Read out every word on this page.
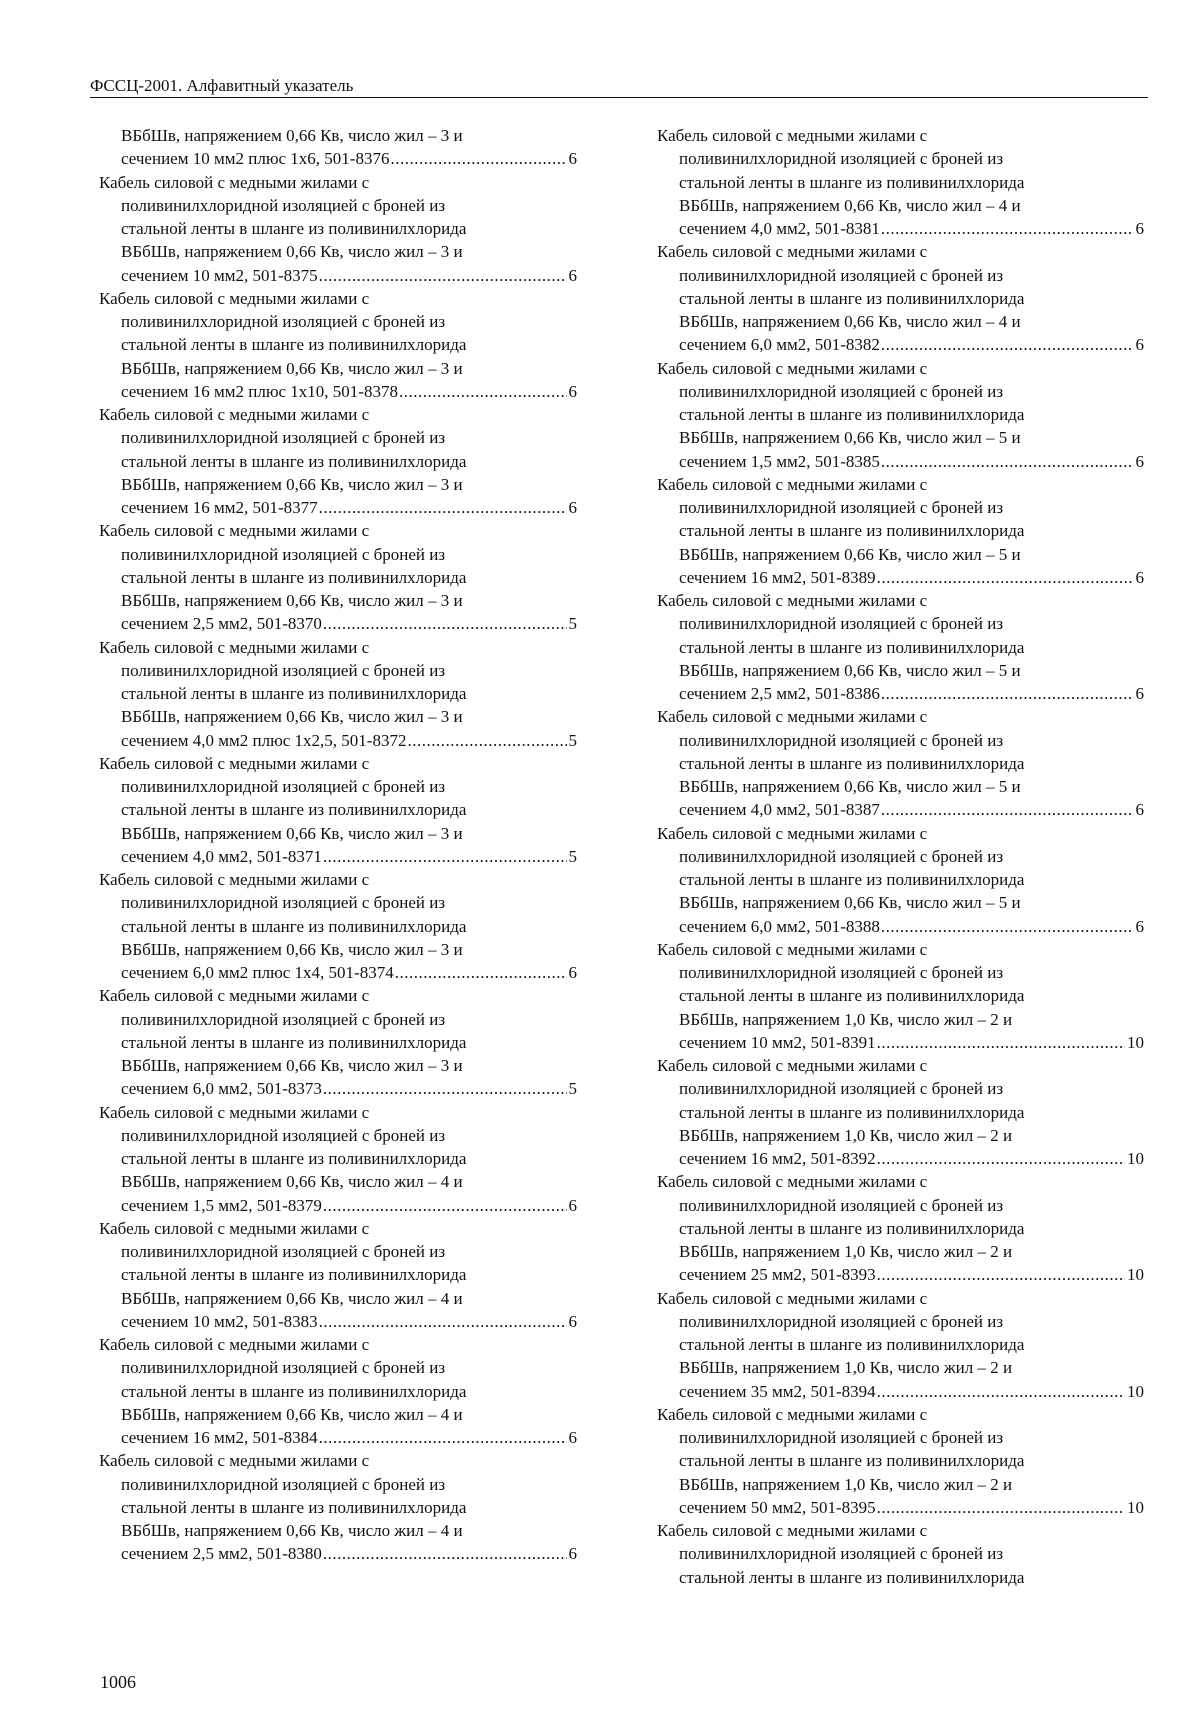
ФССЦ-2001. Алфавитный указатель
ВБбШв, напряжением 0,66 Кв, число жил – 3 и
сечением 10 мм2 плюс 1х6, 501-8376 .....	6
Кабель силовой с медными жилами с
поливинилхлоридной изоляцией с броней из
стальной ленты в шланге из поливинилхлорида
ВБбШв, напряжением 0,66 Кв, число жил – 3 и
сечением 10 мм2, 501-8375 .....	6
Кабель силовой с медными жилами с
поливинилхлоридной изоляцией с броней из
стальной ленты в шланге из поливинилхлорида
ВБбШв, напряжением 0,66 Кв, число жил – 3 и
сечением 16 мм2 плюс 1х10, 501-8378 .....	6
Кабель силовой с медными жилами с
поливинилхлоридной изоляцией с броней из
стальной ленты в шланге из поливинилхлорида
ВБбШв, напряжением 0,66 Кв, число жил – 3 и
сечением 16 мм2, 501-8377 .....	6
Кабель силовой с медными жилами с
поливинилхлоридной изоляцией с броней из
стальной ленты в шланге из поливинилхлорида
ВБбШв, напряжением 0,66 Кв, число жил – 3 и
сечением 2,5 мм2, 501-8370 .....	5
Кабель силовой с медными жилами с
поливинилхлоридной изоляцией с броней из
стальной ленты в шланге из поливинилхлорида
ВБбШв, напряжением 0,66 Кв, число жил – 3 и
сечением 4,0 мм2 плюс 1х2,5, 501-8372 .....	5
Кабель силовой с медными жилами с
поливинилхлоридной изоляцией с броней из
стальной ленты в шланге из поливинилхлорида
ВБбШв, напряжением 0,66 Кв, число жил – 3 и
сечением 4,0 мм2, 501-8371 .....	5
Кабель силовой с медными жилами с
поливинилхлоридной изоляцией с броней из
стальной ленты в шланге из поливинилхлорида
ВБбШв, напряжением 0,66 Кв, число жил – 3 и
сечением 6,0 мм2 плюс 1х4, 501-8374 .....	6
Кабель силовой с медными жилами с
поливинилхлоридной изоляцией с броней из
стальной ленты в шланге из поливинилхлорида
ВБбШв, напряжением 0,66 Кв, число жил – 3 и
сечением 6,0 мм2, 501-8373 .....	5
Кабель силовой с медными жилами с
поливинилхлоридной изоляцией с броней из
стальной ленты в шланге из поливинилхлорида
ВБбШв, напряжением 0,66 Кв, число жил – 4 и
сечением 1,5 мм2, 501-8379 .....	6
Кабель силовой с медными жилами с
поливинилхлоридной изоляцией с броней из
стальной ленты в шланге из поливинилхлорида
ВБбШв, напряжением 0,66 Кв, число жил – 4 и
сечением 10 мм2, 501-8383 .....	6
Кабель силовой с медными жилами с
поливинилхлоридной изоляцией с броней из
стальной ленты в шланге из поливинилхлорида
ВБбШв, напряжением 0,66 Кв, число жил – 4 и
сечением 16 мм2, 501-8384 .....	6
Кабель силовой с медными жилами с
поливинилхлоридной изоляцией с броней из
стальной ленты в шланге из поливинилхлорида
ВБбШв, напряжением 0,66 Кв, число жил – 4 и
сечением 2,5 мм2, 501-8380 .....	6
Кабель силовой с медными жилами с
поливинилхлоридной изоляцией с броней из
стальной ленты в шланге из поливинилхлорида
ВБбШв, напряжением 0,66 Кв, число жил – 4 и
сечением 4,0 мм2, 501-8381 .....	6
Кабель силовой с медными жилами с
поливинилхлоридной изоляцией с броней из
стальной ленты в шланге из поливинилхлорида
ВБбШв, напряжением 0,66 Кв, число жил – 4 и
сечением 6,0 мм2, 501-8382 .....	6
Кабель силовой с медными жилами с
поливинилхлоридной изоляцией с броней из
стальной ленты в шланге из поливинилхлорида
ВБбШв, напряжением 0,66 Кв, число жил – 5 и
сечением 1,5 мм2, 501-8385 .....	6
Кабель силовой с медными жилами с
поливинилхлоридной изоляцией с броней из
стальной ленты в шланге из поливинилхлорида
ВБбШв, напряжением 0,66 Кв, число жил – 5 и
сечением 16 мм2, 501-8389 .....	6
Кабель силовой с медными жилами с
поливинилхлоридной изоляцией с броней из
стальной ленты в шланге из поливинилхлорида
ВБбШв, напряжением 0,66 Кв, число жил – 5 и
сечением 2,5 мм2, 501-8386 .....	6
Кабель силовой с медными жилами с
поливинилхлоридной изоляцией с броней из
стальной ленты в шланге из поливинилхлорида
ВБбШв, напряжением 0,66 Кв, число жил – 5 и
сечением 4,0 мм2, 501-8387 .....	6
Кабель силовой с медными жилами с
поливинилхлоридной изоляцией с броней из
стальной ленты в шланге из поливинилхлорида
ВБбШв, напряжением 0,66 Кв, число жил – 5 и
сечением 6,0 мм2, 501-8388 .....	6
Кабель силовой с медными жилами с
поливинилхлоридной изоляцией с броней из
стальной ленты в шланге из поливинилхлорида
ВБбШв, напряжением 1,0 Кв, число жил – 2 и
сечением 10 мм2, 501-8391 .....	10
Кабель силовой с медными жилами с
поливинилхлоридной изоляцией с броней из
стальной ленты в шланге из поливинилхлорида
ВБбШв, напряжением 1,0 Кв, число жил – 2 и
сечением 16 мм2, 501-8392 .....	10
Кабель силовой с медными жилами с
поливинилхлоридной изоляцией с броней из
стальной ленты в шланге из поливинилхлорида
ВБбШв, напряжением 1,0 Кв, число жил – 2 и
сечением 25 мм2, 501-8393 .....	10
Кабель силовой с медными жилами с
поливинилхлоридной изоляцией с броней из
стальной ленты в шланге из поливинилхлорида
ВБбШв, напряжением 1,0 Кв, число жил – 2 и
сечением 35 мм2, 501-8394 .....	10
Кабель силовой с медными жилами с
поливинилхлоридной изоляцией с броней из
стальной ленты в шланге из поливинилхлорида
ВБбШв, напряжением 1,0 Кв, число жил – 2 и
сечением 50 мм2, 501-8395 .....	10
Кабель силовой с медными жилами с
поливинилхлоридной изоляцией с броней из
стальной ленты в шланге из поливинилхлорида
1006
